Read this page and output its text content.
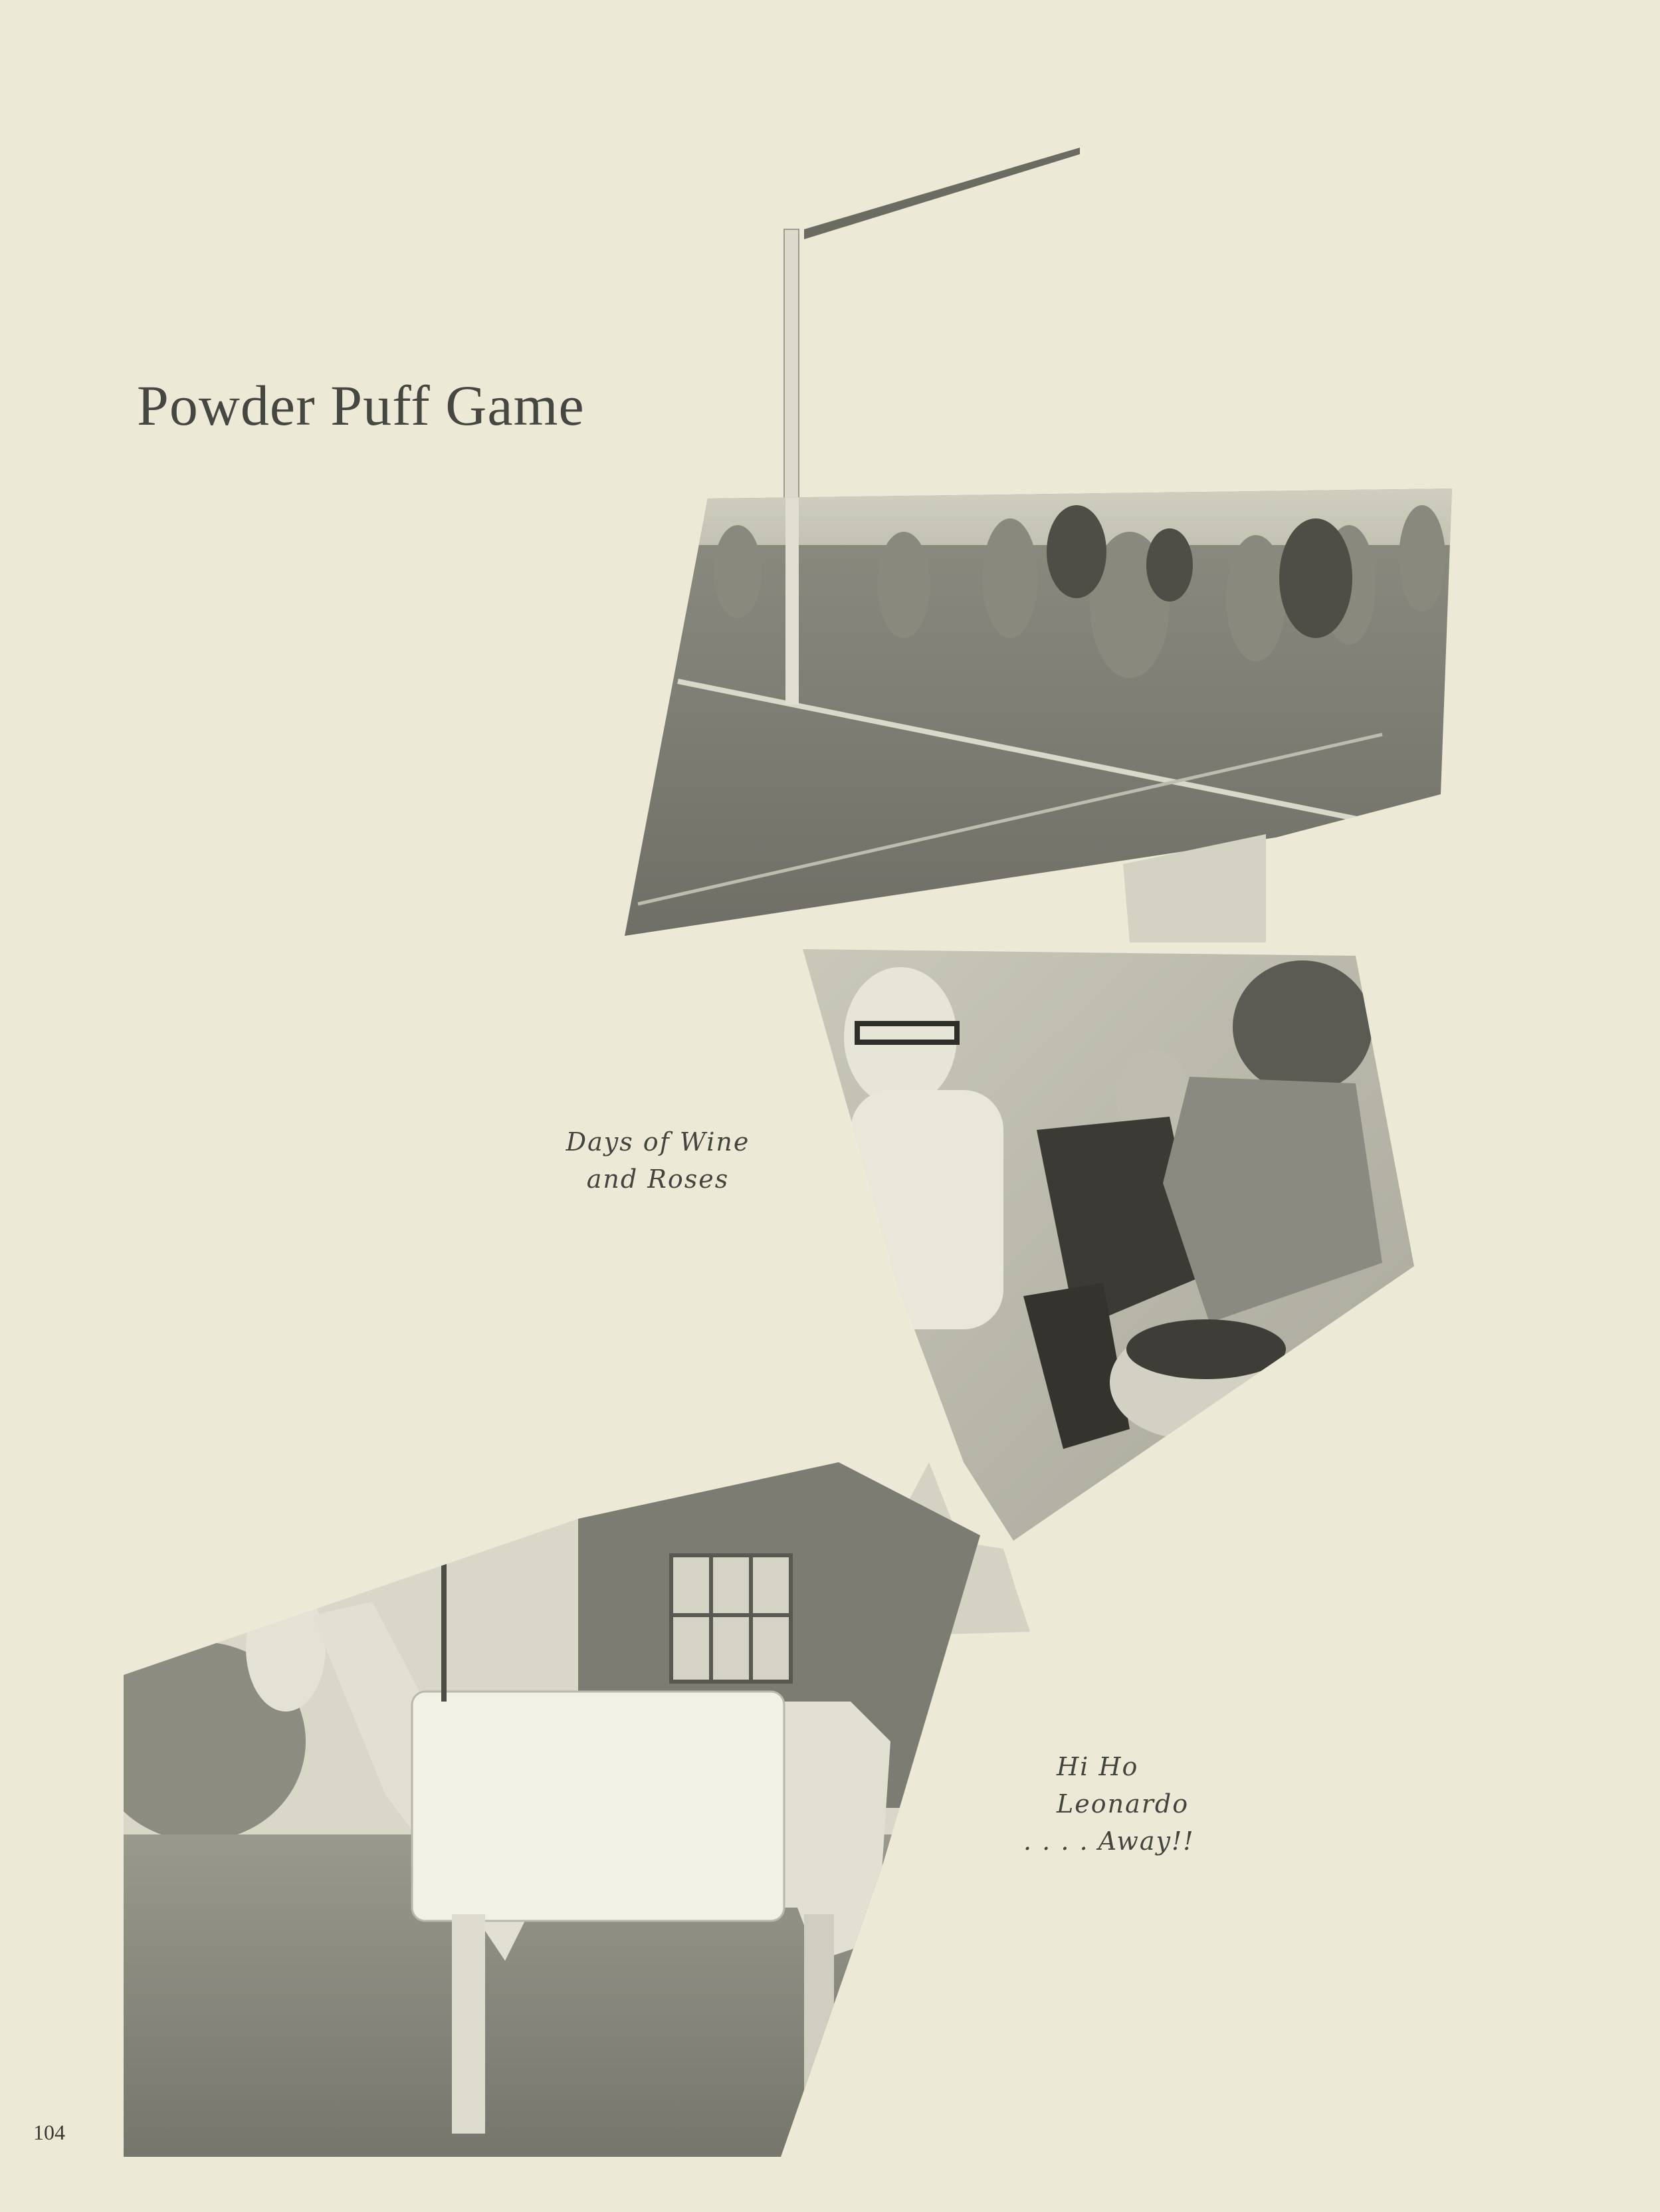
Powder Puff Game
Days of Wine
and Roses
Hi Ho
Leonardo
. . . . Away!!
104
